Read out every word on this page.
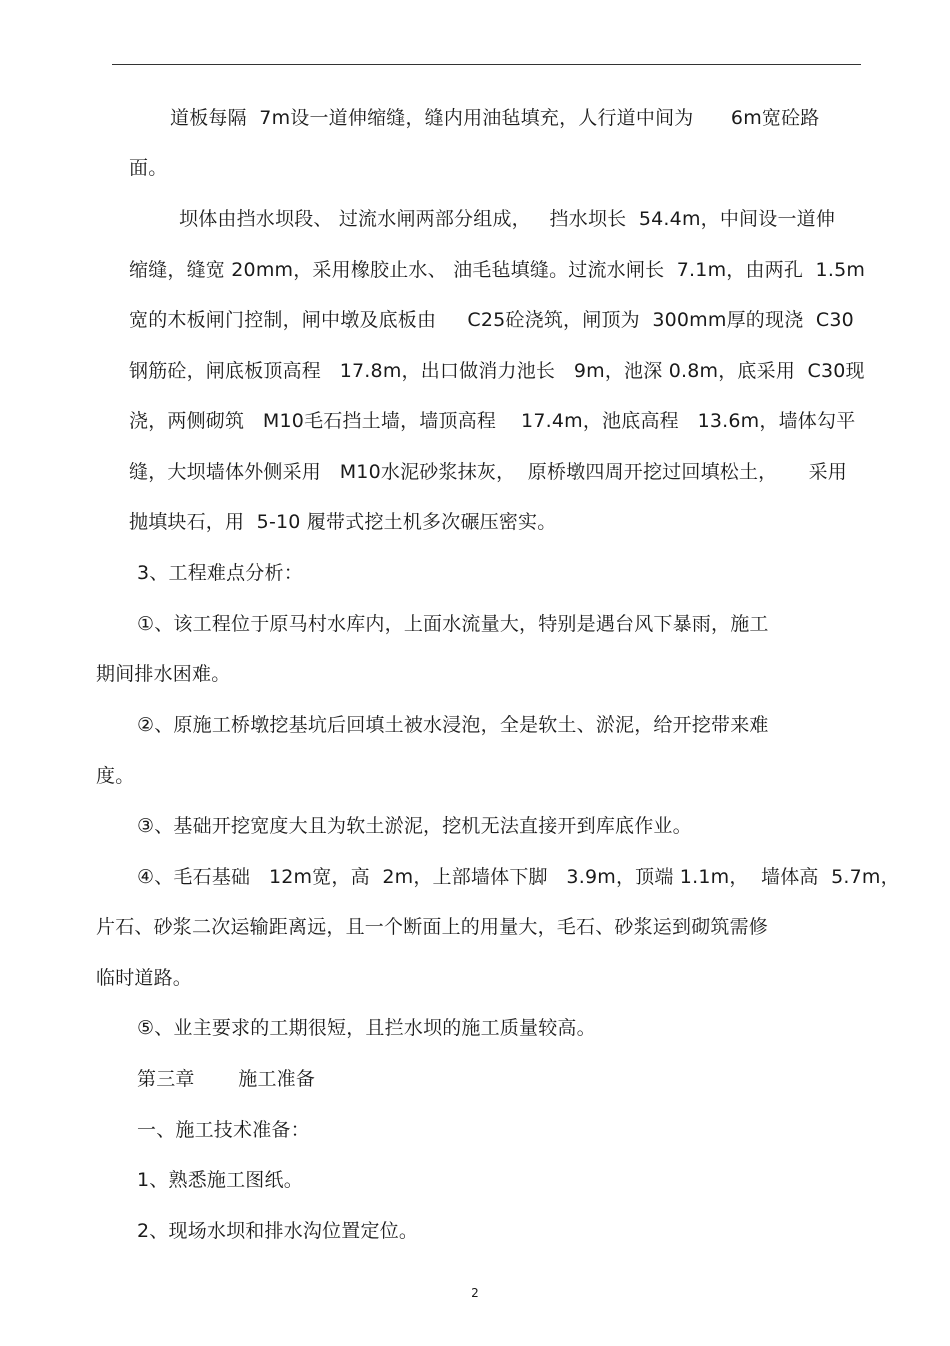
道板每隔  7m设一道伸缩缝，缝内用油毡填充，人行道中间为      6m宽砼路
面。
坝体由挡水坝段、 过流水闸两部分组成，   挡水坝长  54.4m，中间设一道伸
缩缝，缝宽 20mm，采用橡胶止水、 油毛毡填缝。过流水闸长  7.1m，由两孔  1.5m
宽的木板闸门控制，闸中墩及底板由     C25砼浇筑，闸顶为  300mm厚的现浇  C30
钢筋砼，闸底板顶高程   17.8m，出口做消力池长   9m，池深 0.8m，底采用  C30现
浇，两侧砌筑   M10毛石挡土墙，墙顶高程    17.4m，池底高程   13.6m，墙体勾平
缝，大坝墙体外侧采用   M10水泥砂浆抹灰，  原桥墩四周开挖过回填松土，     采用
抛填块石，用  5-10 履带式挖土机多次碾压密实。
3、工程难点分析：
①、该工程位于原马村水库内，上面水流量大，特别是遇台风下暴雨，施工
期间排水困难。
②、原施工桥墩挖基坑后回填土被水浸泡，全是软土、淤泥，给开挖带来难
度。
③、基础开挖宽度大且为软土淤泥，挖机无法直接开到库底作业。
④、毛石基础   12m宽，高  2m，上部墙体下脚   3.9m，顶端 1.1m，  墙体高  5.7m，
片石、砂浆二次运输距离远，且一个断面上的用量大，毛石、砂浆运到砌筑需修
临时道路。
⑤、业主要求的工期很短，且拦水坝的施工质量较高。
第三章       施工准备
一、施工技术准备：
1、熟悉施工图纸。
2、现场水坝和排水沟位置定位。
2
